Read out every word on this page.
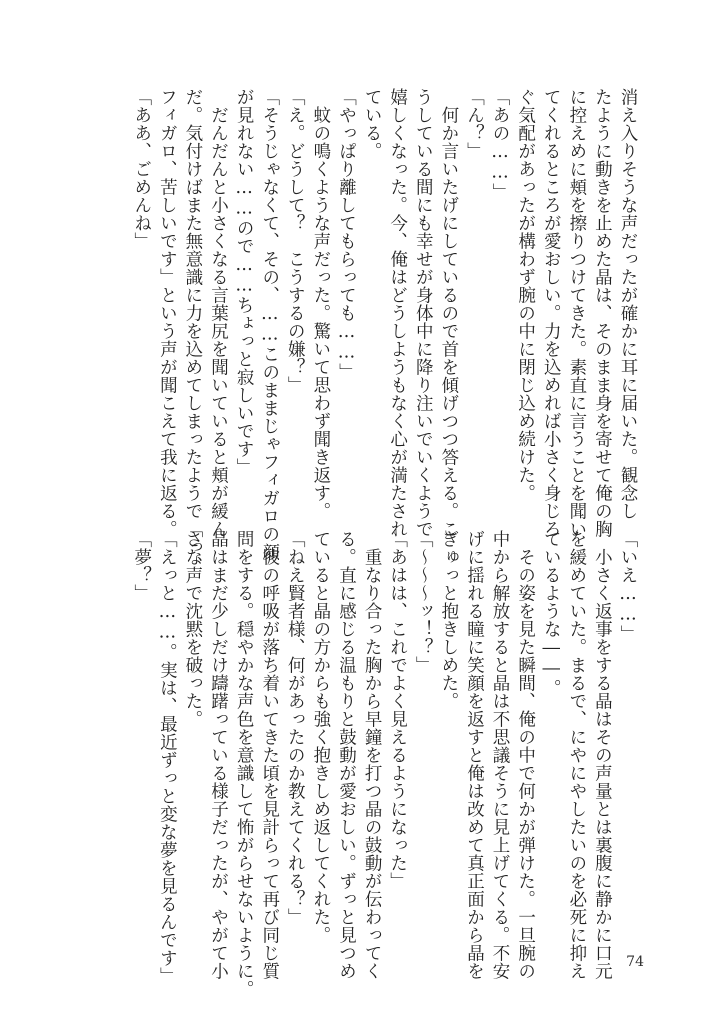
消え入りそうな声だったが確かに耳に届いた。観念し
たように動きを止めた晶は、そのまま身を寄せて俺の胸
に控えめに頬を擦りつけてきた。素直に言うことを聞い
てくれるところが愛おしい。力を込めれば小さく身じろ
ぐ気配があったが構わず腕の中に閉じ込め続けた。
「あの……」
「ん？」
　何か言いたげにしているので首を傾げつつ答える。こ
うしている間にも幸せが身体中に降り注いでいくようで
嬉しくなった。今、俺はどうしようもなく心が満たされ
ている。
「やっぱり離してもらっても……」
　蚊の鳴くような声だった。驚いて思わず聞き返す。
「え。どうして？　こうするの嫌？」
「そうじゃなくて、その、……このままじゃフィガロの顔
が見れない……ので……ちょっと寂しいです」
　だんだんと小さくなる言葉尻を聞いていると頬が緩ん
だ。気付けばまた無意識に力を込めてしまったようで「っ、
フィガロ、苦しいです」という声が聞こえて我に返る。
「ああ、ごめんね」
「いえ……」
　小さく返事をする晶はその声量とは裏腹に静かに口元
を緩めていた。まるで、にやにやしたいのを必死に抑え
ているような――。
　その姿を見た瞬間、俺の中で何かが弾けた。一旦腕の
中から解放すると晶は不思議そうに見上げてくる。不安
げに揺れる瞳に笑顔を返すと俺は改めて真正面から晶を
ぎゅっと抱きしめた。
「〜〜〜ッ！？」
「あはは、これでよく見えるようになった」
　重なり合った胸から早鐘を打つ晶の鼓動が伝わってく
る。直に感じる温もりと鼓動が愛おしい。ずっと見つめ
ていると晶の方からも強く抱きしめ返してくれた。
「ねえ賢者様、何があったのか教えてくれる？」
　彼の呼吸が落ち着いてきた頃を見計らって再び同じ質
問をする。穏やかな声色を意識して怖がらせないように。
晶はまだ少しだけ躊躇っている様子だったが、やがて小
さな声で沈黙を破った。
「えっと……。実は、最近ずっと変な夢を見るんです」
「夢？」
74
